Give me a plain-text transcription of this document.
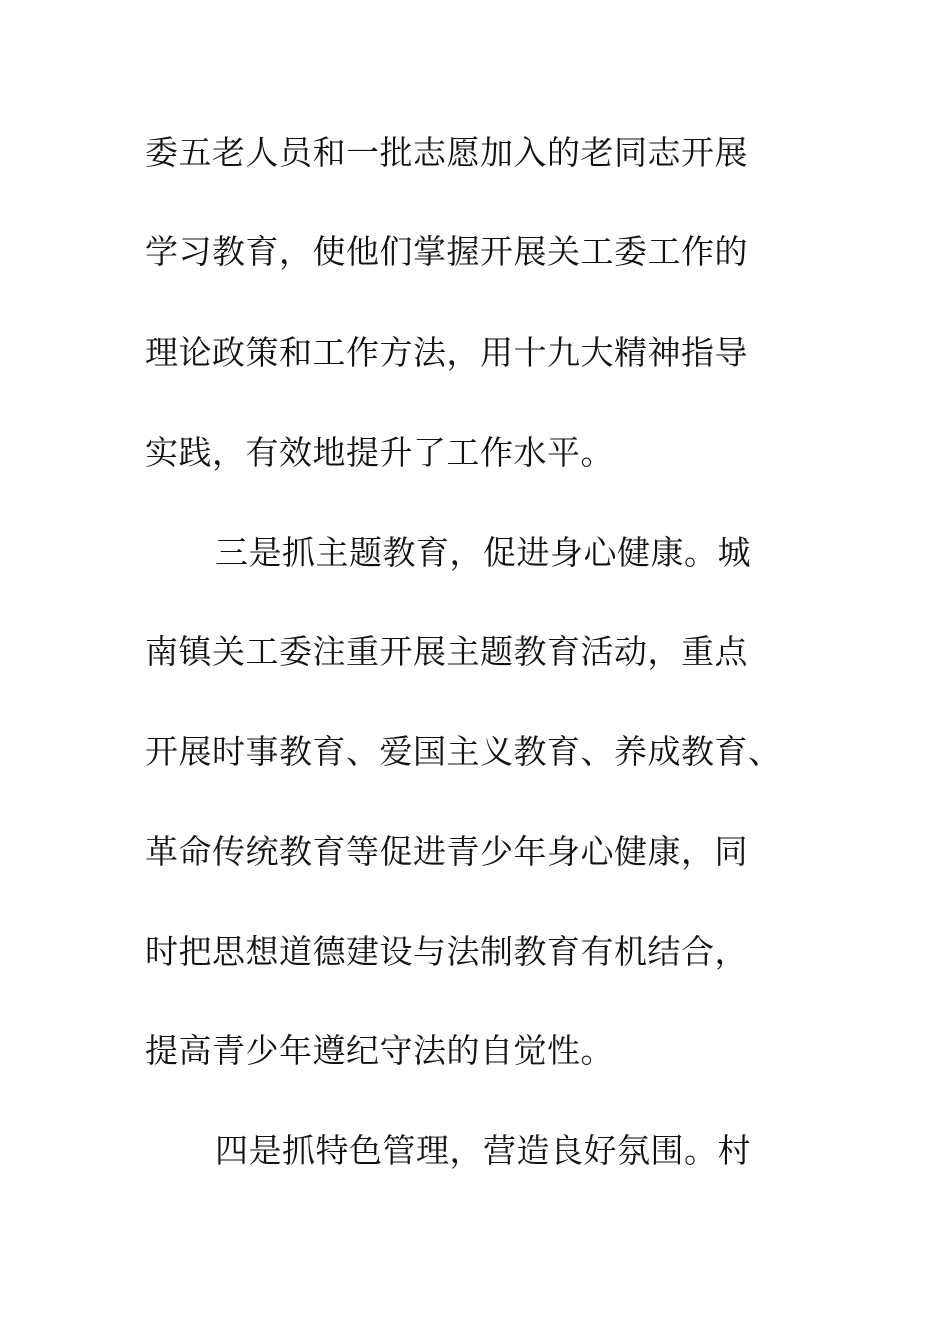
委五老人员和一批志愿加入的老同志开展

学习教育，使他们掌握开展关工委工作的

理论政策和工作方法，用十九大精神指导

实践，有效地提升了工作水平。

三是抓主题教育，促进身心健康。城

南镇关工委注重开展主题教育活动，重点

开展时事教育、爱国主义教育、养成教育、

革命传统教育等促进青少年身心健康，同

时把思想道德建设与法制教育有机结合，

提高青少年遵纪守法的自觉性。

四是抓特色管理，营造良好氛围。村
